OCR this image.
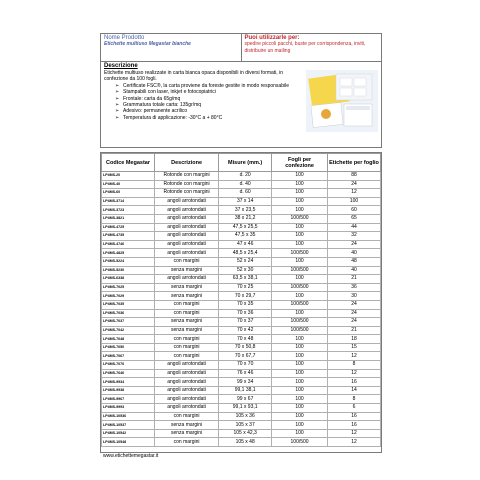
Nome Prodotto
Etichette multiuso Megastar bianche
Puoi utilizzarle per:
spedire piccoli pacchi, buste per corrispondenza, inviti, distribuire un mailing
Descrizione
Etichette multiuso realizzate in carta bianca opaca disponibili in diversi formati, in confezione da 100 fogli.
➢ Certificate FSC®, la carta proviene da foreste gestite in modo responsabile
➢ Stampabili con laser, inkjet e fotocopiatrici
➢ Frontale: carta da 65g/mq
➢ Grammatura totale carta: 135gr/mq
➢ Adesivo: permanente acrilico
➢ Temperatura di applicazione: -30°C a + 80°C
Codice Megastar	Descrizione	Misure (mm.)	Fogli per confezione	Etichette per foglio
LP4MS-20	Rotonde con margini	d. 20	100	88
LP4MS-40	Rotonde con margini	d. 40	100	24
LP4MS-60	Rotonde con margini	d. 60	100	12
LP4MS-3714	angoli arrotondati	37 x 14	100	100
LP4MS-3723	angoli arrotondati	37 x 23,5	100	60
LP4MS-3821	angoli arrotondati	38 x 21,2	100/500	65
LP4MS-4725	angoli arrotondati	47,5 x 25,5	100	44
LP4MS-4735	angoli arrotondati	47,5 x 35	100	32
LP4MS-4746	angoli arrotondati	47 x 46	100	24
LP4MS-4825	angoli arrotondati	48,5 x 25,4	100/500	40
LP4MS-5224	con margini	52 x 24	100	48
LP4MS-5230	senza margini	52 x 30	100/500	40
LP4MS-6338	angoli arrotondati	63,5 x 38,1	100	21
LP4MS-7025	senza margini	70 x 25	100/500	36
LP4MS-7029	senza margini	70 x 29,7	100	30
LP4MS-7035	con margini	70 x 35	100/500	24
LP4MS-7036	con margini	70 x 36	100	24
LP4MS-7037	senza margini	70 x 37	100/500	24
LP4MS-7042	senza margini	70 x 42	100/500	21
LP4MS-7048	con margini	70 x 48	100	18
LP4MS-7050	con margini	70 x 50,8	100	15
LP4MS-7067	con margini	70 x 67,7	100	12
LP4MS-7070	angoli arrotondati	70 x 70	100	8
LP4MS-7646	angoli arrotondati	76 x 46	100	12
LP4MS-9934	angoli arrotondati	99 x 34	100	16
LP4MS-9938	angoli arrotondati	99,1 38,1	100	14
LP4MS-9967	angoli arrotondati	99 x 67	100	8
LP4MS-9993	angoli arrotondati	99,1 x 93,1	100	6
LP4MS-10536	con margini	105 x 36	100	16
LP4MS-10537	senza margini	105 x 37	100	16
LP4MS-10542	senza margini	105 x 42,3	100	12
LP4MS-10548	con margini	105 x 48	100/500	12
www.etichettemegastar.it
